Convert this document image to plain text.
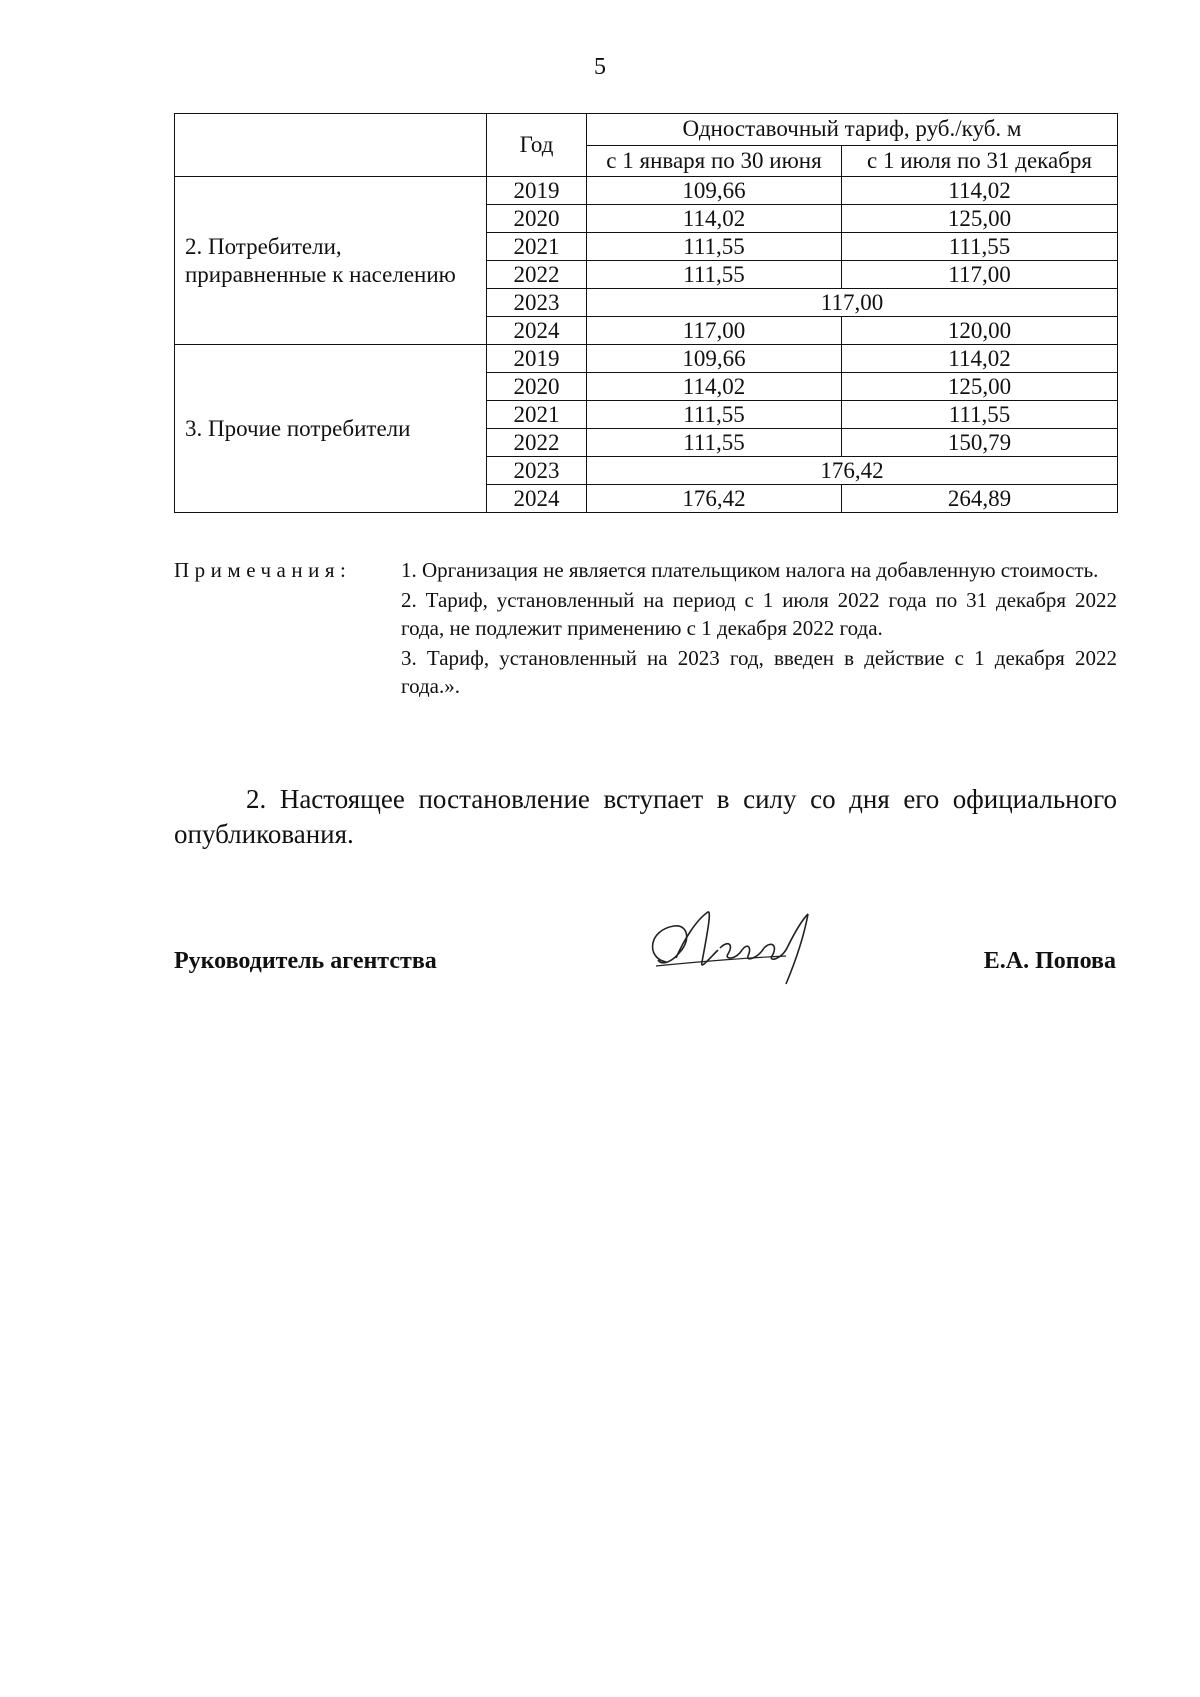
5
	Год	Одноставочный тариф, руб./куб. м	
		с 1 января по 30 июня	с 1 июля по 31 декабря
2. Потребители,
приравненные к населению	2019	109,66	114,02
	2020	114,02	125,00
	2021	111,55	111,55
	2022	111,55	117,00
	2023	117,00	
	2024	117,00	120,00
3. Прочие потребители	2019	109,66	114,02
	2020	114,02	125,00
	2021	111,55	111,55
	2022	111,55	150,79
	2023	176,42	
	2024	176,42	264,89
Примечания: 1. Организация не является плательщиком налога на добавленную стоимость.

2. Тариф, установленный на период с 1 июля 2022 года по 31 декабря 2022 года, не подлежит применению с 1 декабря 2022 года.

3. Тариф, установленный на 2023 год, введен в действие с 1 декабря 2022 года.».

2. Настоящее постановление вступает в силу со дня его официального опубликования.
Руководитель агентства	Е.А. Попова
